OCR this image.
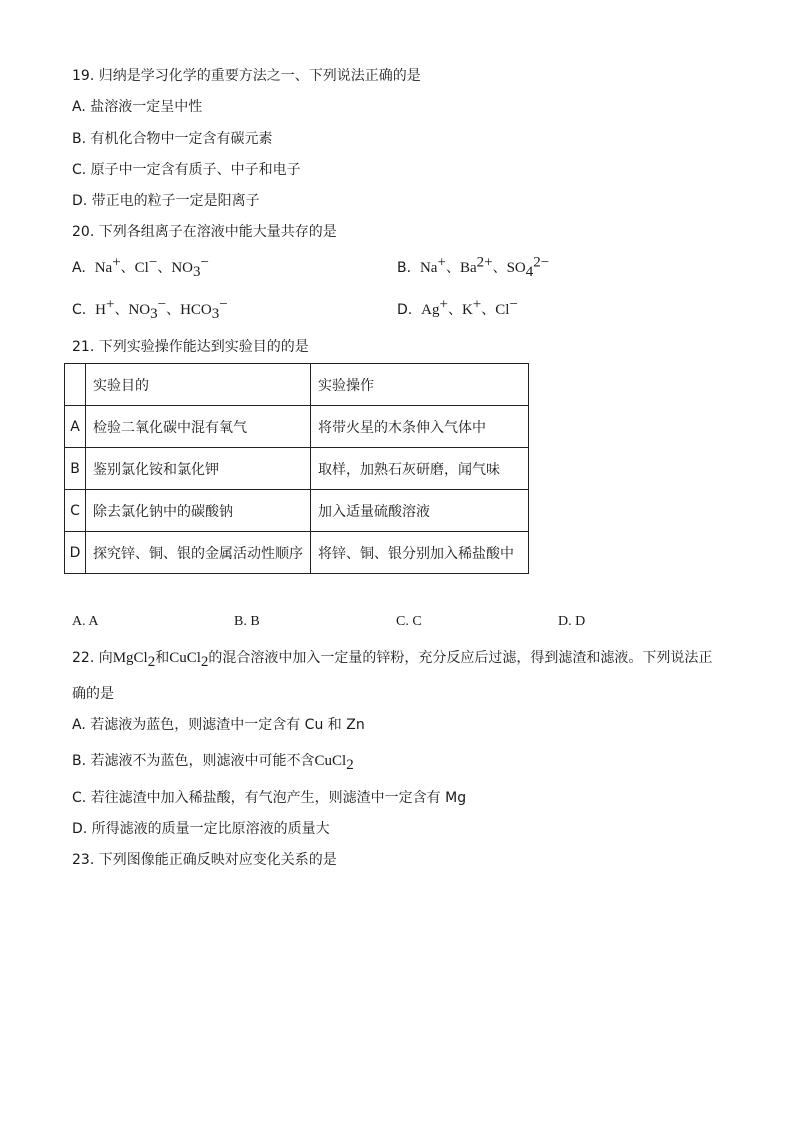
19. 归纳是学习化学的重要方法之一、下列说法正确的是
A. 盐溶液一定呈中性
B. 有机化合物中一定含有碳元素
C. 原子中一定含有质子、中子和电子
D. 带正电的粒子一定是阳离子
20. 下列各组离子在溶液中能大量共存的是
A. Na+、Cl−、$NO_3^-$	B. Na+、$Ba^{2+}$、$SO_4^{2-}$
C. H+、$NO_3^-$、$HCO_3^-$	D. Ag+、K+、Cl−
21. 下列实验操作能达到实验目的的是
	实验目的	实验操作
A	检验二氧化碳中混有氧气	将带火星的木条伸入气体中
B	鉴别氯化铵和氯化钾	取样，加熟石灰研磨，闻气味
C	除去氯化钠中的碳酸钠	加入适量硫酸溶液
D	探究锌、铜、银的金属活动性顺序	将锌、铜、银分别加入稀盐酸中
A. A	B. B	C. C	D. D
22. 向MgCl$_2$和CuCl$_2$的混合溶液中加入一定量的锌粉，充分反应后过滤，得到滤渣和滤液。下列说法正
确的是
A. 若滤液为蓝色，则滤渣中一定含有 Cu 和 Zn
B. 若滤液不为蓝色，则滤液中可能不含CuCl$_2$
C. 若往滤渣中加入稀盐酸，有气泡产生，则滤渣中一定含有 Mg
D. 所得滤液的质量一定比原溶液的质量大
23. 下列图像能正确反映对应变化关系的是
